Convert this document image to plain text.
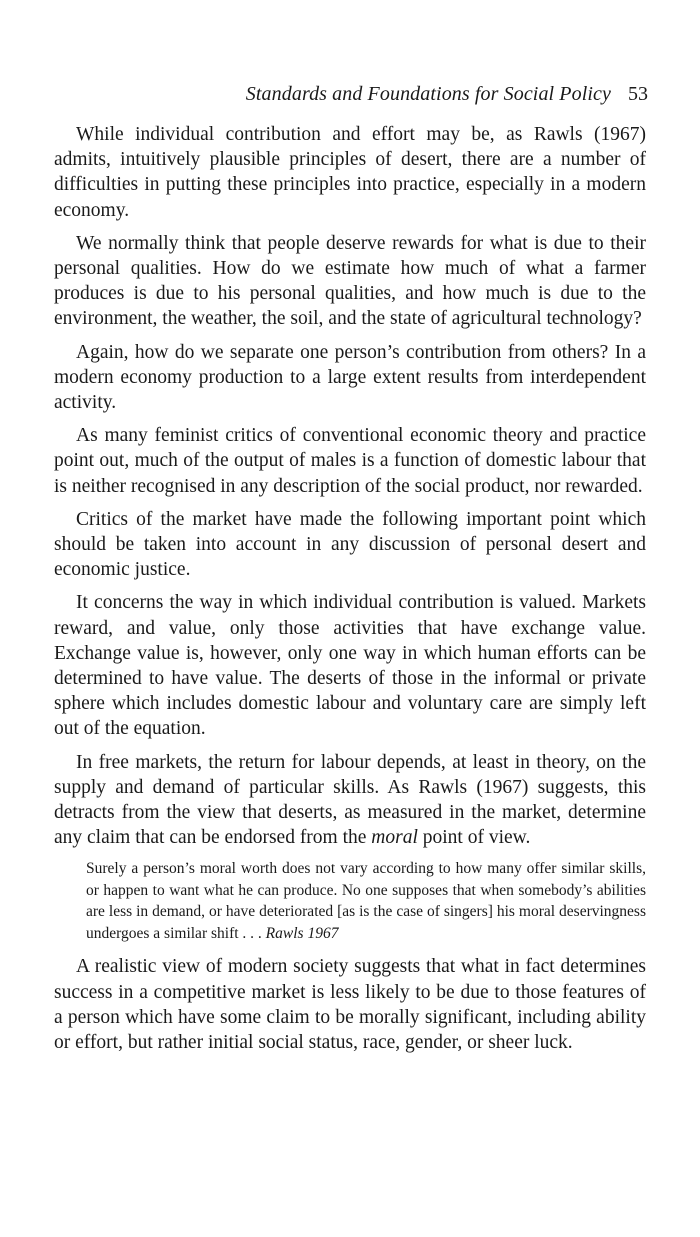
Standards and Foundations for Social Policy 53

While individual contribution and effort may be, as Rawls (1967) admits, intuitively plausible principles of desert, there are a number of difficulties in putting these principles into practice, especially in a modern economy.

We normally think that people deserve rewards for what is due to their personal qualities. How do we estimate how much of what a farmer produces is due to his personal qualities, and how much is due to the environment, the weather, the soil, and the state of agricultural technology?

Again, how do we separate one person’s contribution from others? In a modern economy production to a large extent results from interdependent activity.

As many feminist critics of conventional economic theory and practice point out, much of the output of males is a function of domestic labour that is neither recognised in any description of the social product, nor rewarded.

Critics of the market have made the following important point which should be taken into account in any discussion of personal desert and economic justice.

It concerns the way in which individual contribution is valued. Markets reward, and value, only those activities that have exchange value. Exchange value is, however, only one way in which human efforts can be determined to have value. The deserts of those in the informal or private sphere which includes domestic labour and voluntary care are simply left out of the equation.

In free markets, the return for labour depends, at least in theory, on the supply and demand of particular skills. As Rawls (1967) suggests, this detracts from the view that deserts, as measured in the market, determine any claim that can be endorsed from the moral point of view.

Surely a person’s moral worth does not vary according to how many offer similar skills, or happen to want what he can produce. No one supposes that when somebody’s abilities are less in demand, or have deteriorated [as is the case of singers] his moral deservingness undergoes a similar shift . . . Rawls 1967

A realistic view of modern society suggests that what in fact determines success in a competitive market is less likely to be due to those features of a person which have some claim to be morally significant, including ability or effort, but rather initial social status, race, gender, or sheer luck.
